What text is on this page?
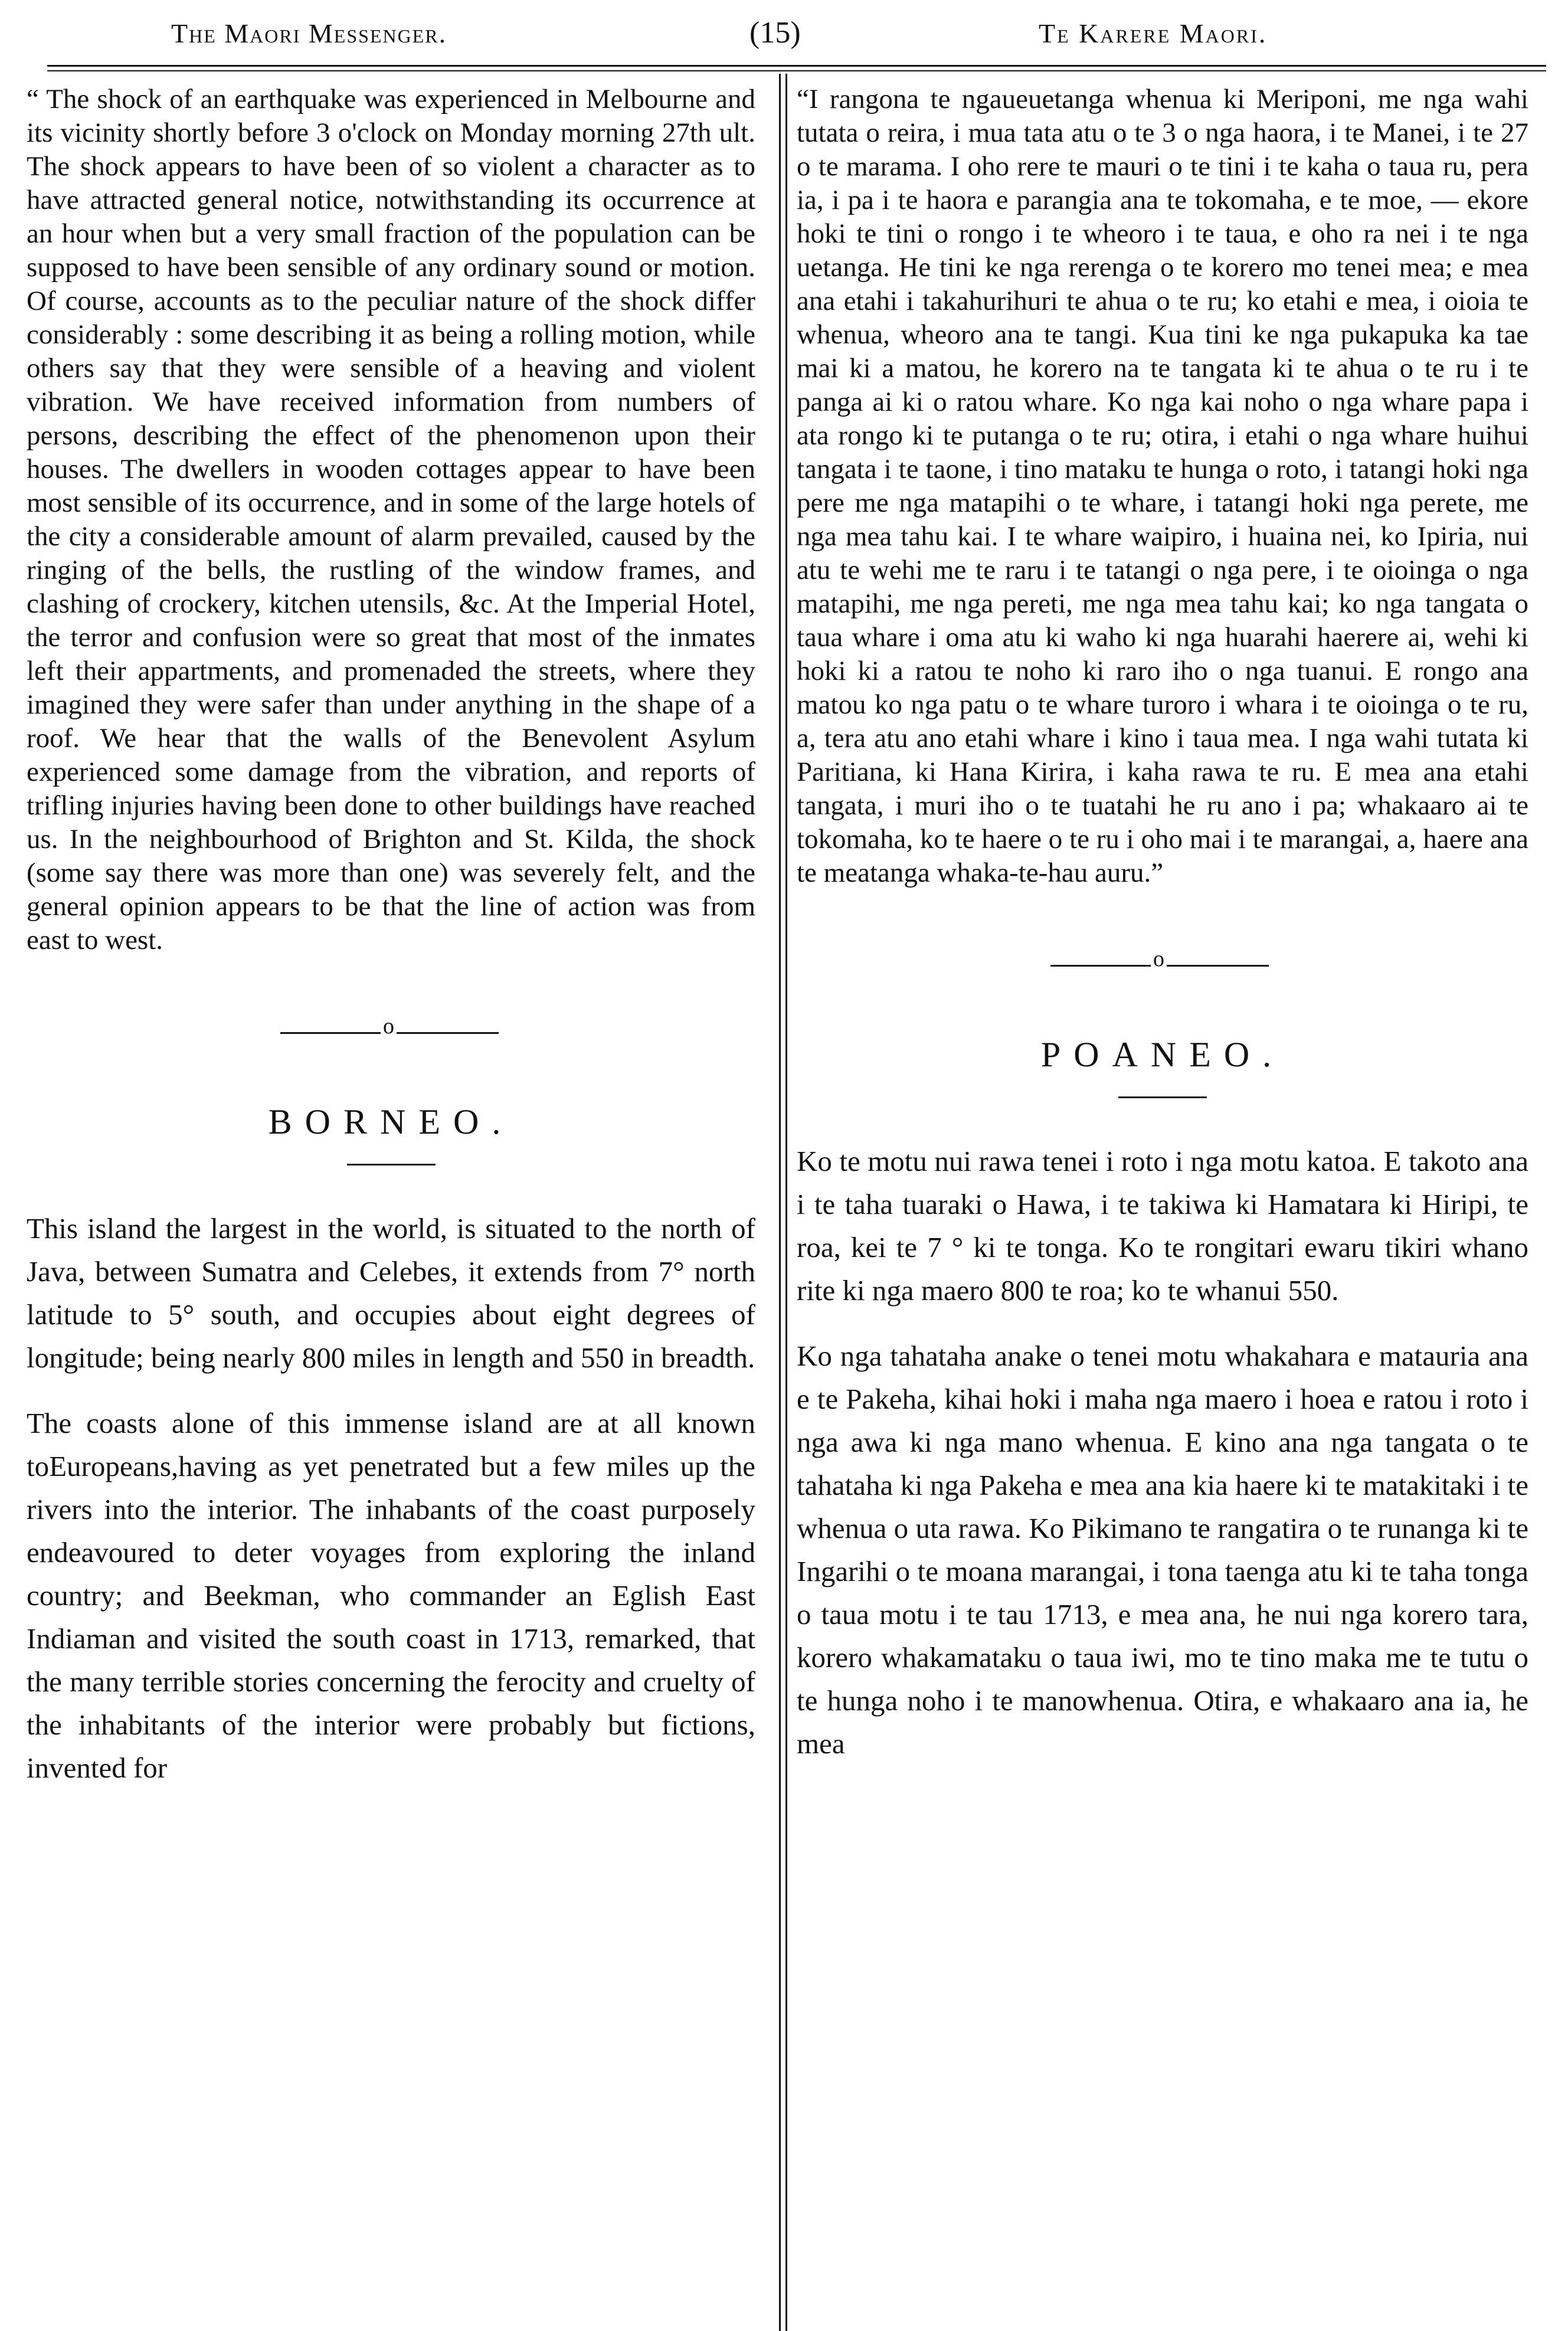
The Maori Messenger.	(15)	Te Karere Maori.

“ The shock of an earthquake was experienced in Melbourne and its vicinity shortly before 3 o'clock on Monday morning 27th ult. The shock appears to have been of so violent a character as to have attracted general notice, notwithstanding its occurrence at an hour when but a very small fraction of the population can be supposed to have been sensible of any ordinary sound or motion. Of course, accounts as to the peculiar nature of the shock differ considerably : some describing it as being a rolling motion, while others say that they were sensible of a heaving and violent vibration. We have received information from numbers of persons, describing the effect of the phenomenon upon their houses. The dwellers in wooden cottages appear to have been most sensible of its occurrence, and in some of the large hotels of the city a considerable amount of alarm prevailed, caused by the ringing of the bells, the rustling of the window frames, and clashing of crockery, kitchen utensils, &c. At the Imperial Hotel, the terror and confusion were so great that most of the inmates left their appartments, and promenaded the streets, where they imagined they were safer than under anything in the shape of a roof. We hear that the walls of the Benevolent Asylum experienced some damage from the vibration, and reports of trifling injuries having been done to other buildings have reached us. In the neighbourhood of Brighton and St. Kilda, the shock (some say there was more than one) was severely felt, and the general opinion appears to be that the line of action was from east to west.

o
BORNEO.

This island the largest in the world, is situated to the north of Java, between Sumatra and Celebes, it extends from 7° north latitude to 5° south, and occupies about eight degrees of longitude; being nearly 800 miles in length and 550 in breadth.

The coasts alone of this immense island are at all known toEuropeans,having as yet penetrated but a few miles up the rivers into the interior. The inhabants of the coast purposely endeavoured to deter voyages from exploring the inland country; and Beekman, who commander an Eglish East Indiaman and visited the south coast in 1713, remarked, that the many terrible stories concerning the ferocity and cruelty of the inhabitants of the interior were probably but fictions, invented for

“I rangona te ngaueuetanga whenua ki Meriponi, me nga wahi tutata o reira, i mua tata atu o te 3 o nga haora, i te Manei, i te 27 o te marama. I oho rere te mauri o te tini i te kaha o taua ru, pera ia, i pa i te haora e parangia ana te tokomaha, e te moe, — ekore hoki te tini o rongo i te wheoro i te taua, e oho ra nei i te nga uetanga. He tini ke nga rerenga o te korero mo tenei mea; e mea ana etahi i takahurihuri te ahua o te ru; ko etahi e mea, i oioia te whenua, wheoro ana te tangi. Kua tini ke nga pukapuka ka tae mai ki a matou, he korero na te tangata ki te ahua o te ru i te panga ai ki o ratou whare. Ko nga kai noho o nga whare papa i ata rongo ki te putanga o te ru; otira, i etahi o nga whare huihui tangata i te taone, i tino mataku te hunga o roto, i tatangi hoki nga pere me nga matapihi o te whare, i tatangi hoki nga perete, me nga mea tahu kai. I te whare waipiro, i huaina nei, ko Ipiria, nui atu te wehi me te raru i te tatangi o nga pere, i te oioinga o nga matapihi, me nga pereti, me nga mea tahu kai; ko nga tangata o taua whare i oma atu ki waho ki nga huarahi haerere ai, wehi ki hoki ki a ratou te noho ki raro iho o nga tuanui. E rongo ana matou ko nga patu o te whare turoro i whara i te oioinga o te ru, a, tera atu ano etahi whare i kino i taua mea. I nga wahi tutata ki Paritiana, ki Hana Kirira, i kaha rawa te ru. E mea ana etahi tangata, i muri iho o te tuatahi he ru ano i pa; whakaaro ai te tokomaha, ko te haere o te ru i oho mai i te marangai, a, haere ana te meatanga whaka-te-hau auru.”

o
POANEO.

Ko te motu nui rawa tenei i roto i nga motu katoa. E takoto ana i te taha tuaraki o Hawa, i te takiwa ki Hamatara ki Hiripi, te roa, kei te 7 ° ki te tonga. Ko te rongitari ewaru tikiri whano rite ki nga maero 800 te roa; ko te whanui 550.

Ko nga tahataha anake o tenei motu whakahara e matauria ana e te Pakeha, kihai hoki i maha nga maero i hoea e ratou i roto i nga awa ki nga mano whenua. E kino ana nga tangata o te tahataha ki nga Pakeha e mea ana kia haere ki te matakitaki i te whenua o uta rawa. Ko Pikimano te rangatira o te runanga ki te Ingarihi o te moana marangai, i tona taenga atu ki te taha tonga o taua motu i te tau 1713, e mea ana, he nui nga korero tara, korero whakamataku o taua iwi, mo te tino maka me te tutu o te hunga noho i te manowhenua. Otira, e whakaaro ana ia, he mea
